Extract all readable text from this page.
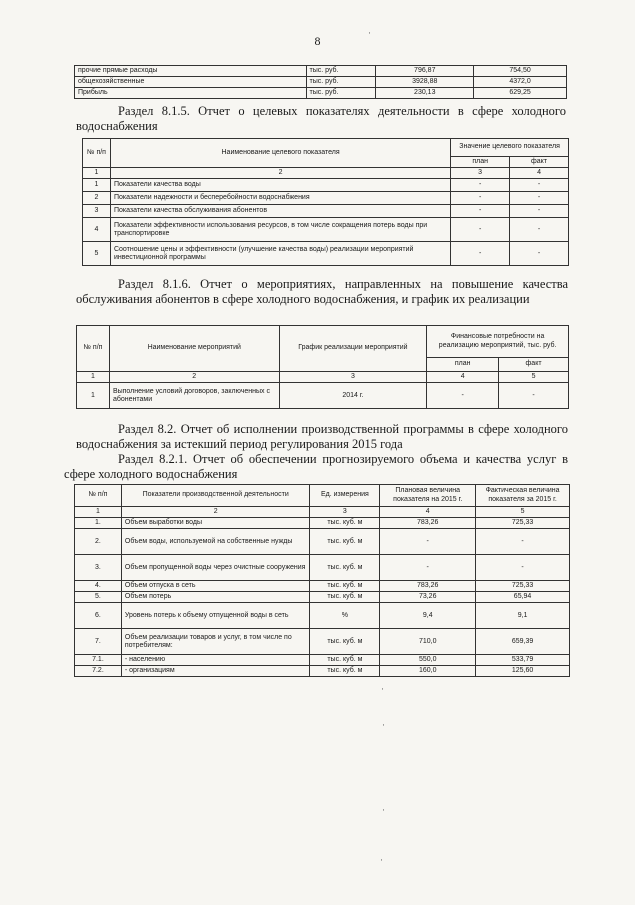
8
прочие прямые расходы	тыс. руб.	796,87	754,50
общехозяйственные	тыс. руб.	3928,88	4372,0
Прибыль	тыс. руб.	230,13	629,25
Раздел 8.1.5. Отчет о целевых показателях деятельности в сфере холодного водоснабжения
№ п/п	Наименование целевого показателя	Значение целевого показателя	
		план	факт
1	2	3	4
1	Показатели качества воды	-	-
2	Показатели надежности и бесперебойности водоснабжения	-	-
3	Показатели качества обслуживания абонентов	-	-
4	Показатели эффективности использования ресурсов, в том числе сокращения потерь воды при транспортировке	-	-
5	Соотношение цены и эффективности (улучшение качества воды) реализации мероприятий инвестиционной программы	-	-
Раздел 8.1.6. Отчет о мероприятиях, направленных на повышение качества обслуживания абонентов в сфере холодного водоснабжения, и график их реализации
№ п/п	Наименование мероприятий	График реализации мероприятий	Финансовые потребности на реализацию мероприятий, тыс. руб.	
			план	факт
1	2	3	4	5
1	Выполнение условий договоров, заключенных с абонентами	2014 г.	-	-
Раздел 8.2. Отчет об исполнении производственной программы в сфере холодного водоснабжения за истекший период регулирования 2015 года
Раздел 8.2.1. Отчет об обеспечении прогнозируемого объема и качества услуг в сфере холодного водоснабжения
№ п/п	Показатели производственной деятельности	Ед. измерения	Плановая величина показателя на 2015 г.	Фактическая величина показателя за 2015 г.
1	2	3	4	5
1.	Объем выработки воды	тыс. куб. м	783,26	725,33
2.	Объем воды, используемой на собственные нужды	тыс. куб. м	-	-
3.	Объем пропущенной воды через очистные сооружения	тыс. куб. м	-	-
4.	Объем отпуска в сеть	тыс. куб. м	783,26	725,33
5.	Объем потерь	тыс. куб. м	73,26	65,94
6.	Уровень потерь к объему отпущенной воды в сеть	%	9,4	9,1
7.	Объем реализации товаров и услуг, в том числе по потребителям:	тыс. куб. м	710,0	659,39
7.1.	- населению	тыс. куб. м	550,0	533,79
7.2.	- организациям	тыс. куб. м	160,0	125,60
·
·
·
·
·
